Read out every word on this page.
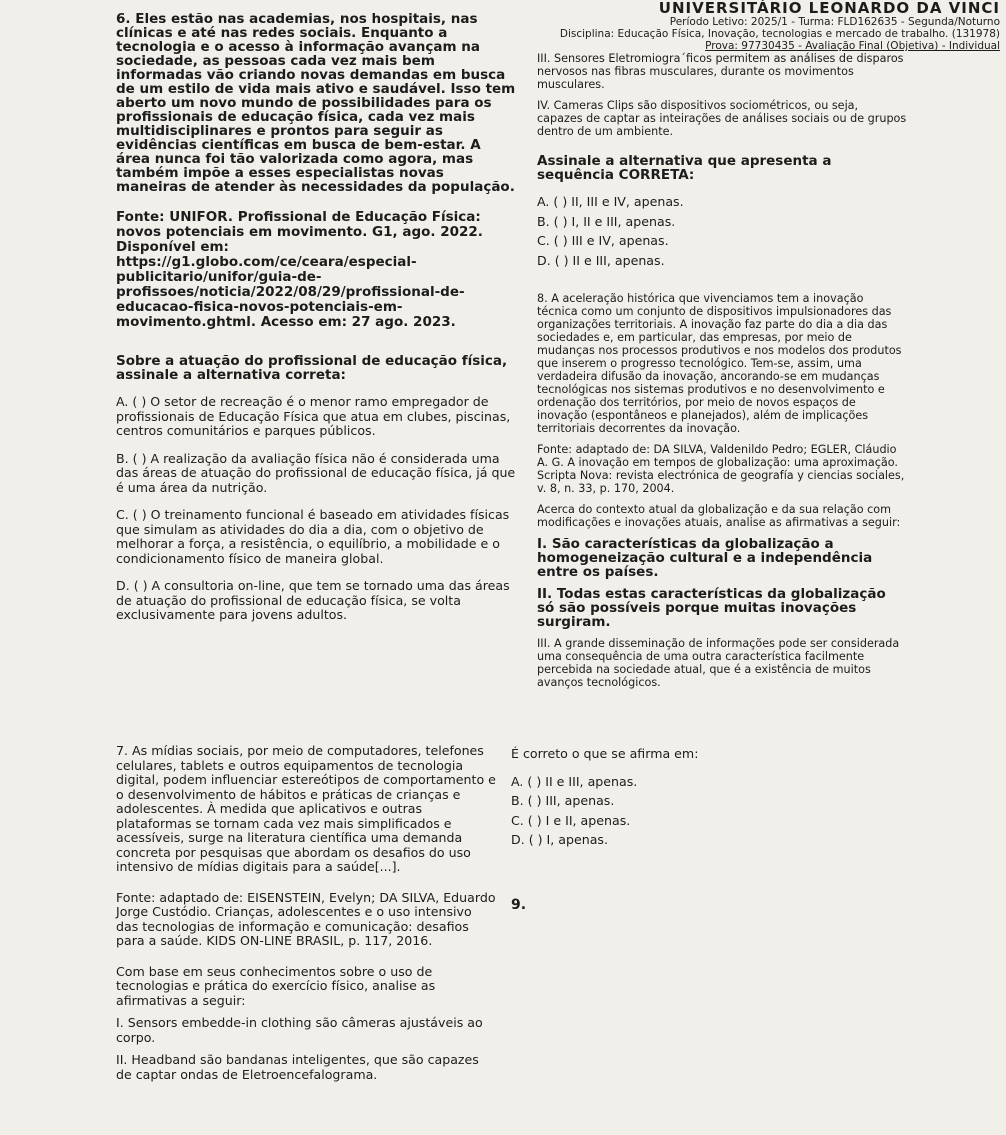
UNIVERSITÁRIO LEONARDO DA VINCI
Período Letivo: 2025/1 - Turma: FLD162635 - Segunda/Noturno
Disciplina: Educação Física, Inovação, tecnologias e mercado de trabalho. (131978)
Prova: 97730435 - Avaliação Final (Objetiva) - Individual

6. Eles estão nas academias, nos hospitais, nas clínicas e até nas redes sociais. Enquanto a tecnologia e o acesso à informação avançam na sociedade, as pessoas cada vez mais bem informadas vão criando novas demandas em busca de um estilo de vida mais ativo e saudável. Isso tem aberto um novo mundo de possibilidades para os profissionais de educação física, cada vez mais multidisciplinares e prontos para seguir as evidências científicas em busca de bem-estar. A área nunca foi tão valorizada como agora, mas também impõe a esses especialistas novas maneiras de atender às necessidades da população.

Fonte: UNIFOR. Profissional de Educação Física: novos potenciais em movimento. G1, ago. 2022. Disponível em: https://g1.globo.com/ce/ceara/especial-publicitario/unifor/guia-de-profissoes/noticia/2022/08/29/profissional-de-educacao-fisica-novos-potenciais-em-movimento.ghtml. Acesso em: 27 ago. 2023.

Sobre a atuação do profissional de educação física, assinale a alternativa correta:

A. ( ) O setor de recreação é o menor ramo empregador de profissionais de Educação Física que atua em clubes, piscinas, centros comunitários e parques públicos.

B. ( ) A realização da avaliação física não é considerada uma das áreas de atuação do profissional de educação física, já que é uma área da nutrição.

C. ( ) O treinamento funcional é baseado em atividades físicas que simulam as atividades do dia a dia, com o objetivo de melhorar a força, a resistência, o equilíbrio, a mobilidade e o condicionamento físico de maneira global.

D. ( ) A consultoria on-line, que tem se tornado uma das áreas de atuação do profissional de educação física, se volta exclusivamente para jovens adultos.

III. Sensores Eletromiogra´ficos permitem as análises de disparos nervosos nas fibras musculares, durante os movimentos musculares.

IV. Cameras Clips são dispositivos sociométricos, ou seja, capazes de captar as inteirações de análises sociais ou de grupos dentro de um ambiente.

Assinale a alternativa que apresenta a sequência CORRETA:

A. ( ) II, III e IV, apenas.

B. ( ) I, II e III, apenas.

C. ( ) III e IV, apenas.

D. ( ) II e III, apenas.

8. A aceleração histórica que vivenciamos tem a inovação técnica como um conjunto de dispositivos impulsionadores das organizações territoriais. A inovação faz parte do dia a dia das sociedades e, em particular, das empresas, por meio de mudanças nos processos produtivos e nos modelos dos produtos que inserem o progresso tecnológico. Tem-se, assim, uma verdadeira difusão da inovação, ancorando-se em mudanças tecnológicas nos sistemas produtivos e no desenvolvimento e ordenação dos territórios, por meio de novos espaços de inovação (espontâneos e planejados), além de implicações territoriais decorrentes da inovação.

Fonte: adaptado de: DA SILVA, Valdenildo Pedro; EGLER, Cláudio A. G. A inovação em tempos de globalização: uma aproximação. Scripta Nova: revista electrónica de geografía y ciencias sociales, v. 8, n. 33, p. 170, 2004.

Acerca do contexto atual da globalização e da sua relação com modificações e inovações atuais, analise as afirmativas a seguir:

I. São características da globalização a homogeneização cultural e a independência entre os países.

II. Todas estas características da globalização só são possíveis porque muitas inovações surgiram.

III. A grande disseminação de informações pode ser considerada uma consequência de uma outra característica facilmente percebida na sociedade atual, que é a existência de muitos avanços tecnológicos.

É correto o que se afirma em:

A. ( ) II e III, apenas.

B. ( ) III, apenas.

C. ( ) I e II, apenas.

D. ( ) I, apenas.

9.

7. As mídias sociais, por meio de computadores, telefones celulares, tablets e outros equipamentos de tecnologia digital, podem influenciar estereótipos de comportamento e o desenvolvimento de hábitos e práticas de crianças e adolescentes. À medida que aplicativos e outras plataformas se tornam cada vez mais simplificados e acessíveis, surge na literatura científica uma demanda concreta por pesquisas que abordam os desafios do uso intensivo de mídias digitais para a saúde[...].

Fonte: adaptado de: EISENSTEIN, Evelyn; DA SILVA, Eduardo Jorge Custódio. Crianças, adolescentes e o uso intensivo das tecnologias de informação e comunicação: desafios para a saúde. KIDS ON-LINE BRASIL, p. 117, 2016.

Com base em seus conhecimentos sobre o uso de tecnologias e prática do exercício físico, analise as afirmativas a seguir:

I. Sensors embedde-in clothing são câmeras ajustáveis ao corpo.

II. Headband são bandanas inteligentes, que são capazes de captar ondas de Eletroencefalograma.
